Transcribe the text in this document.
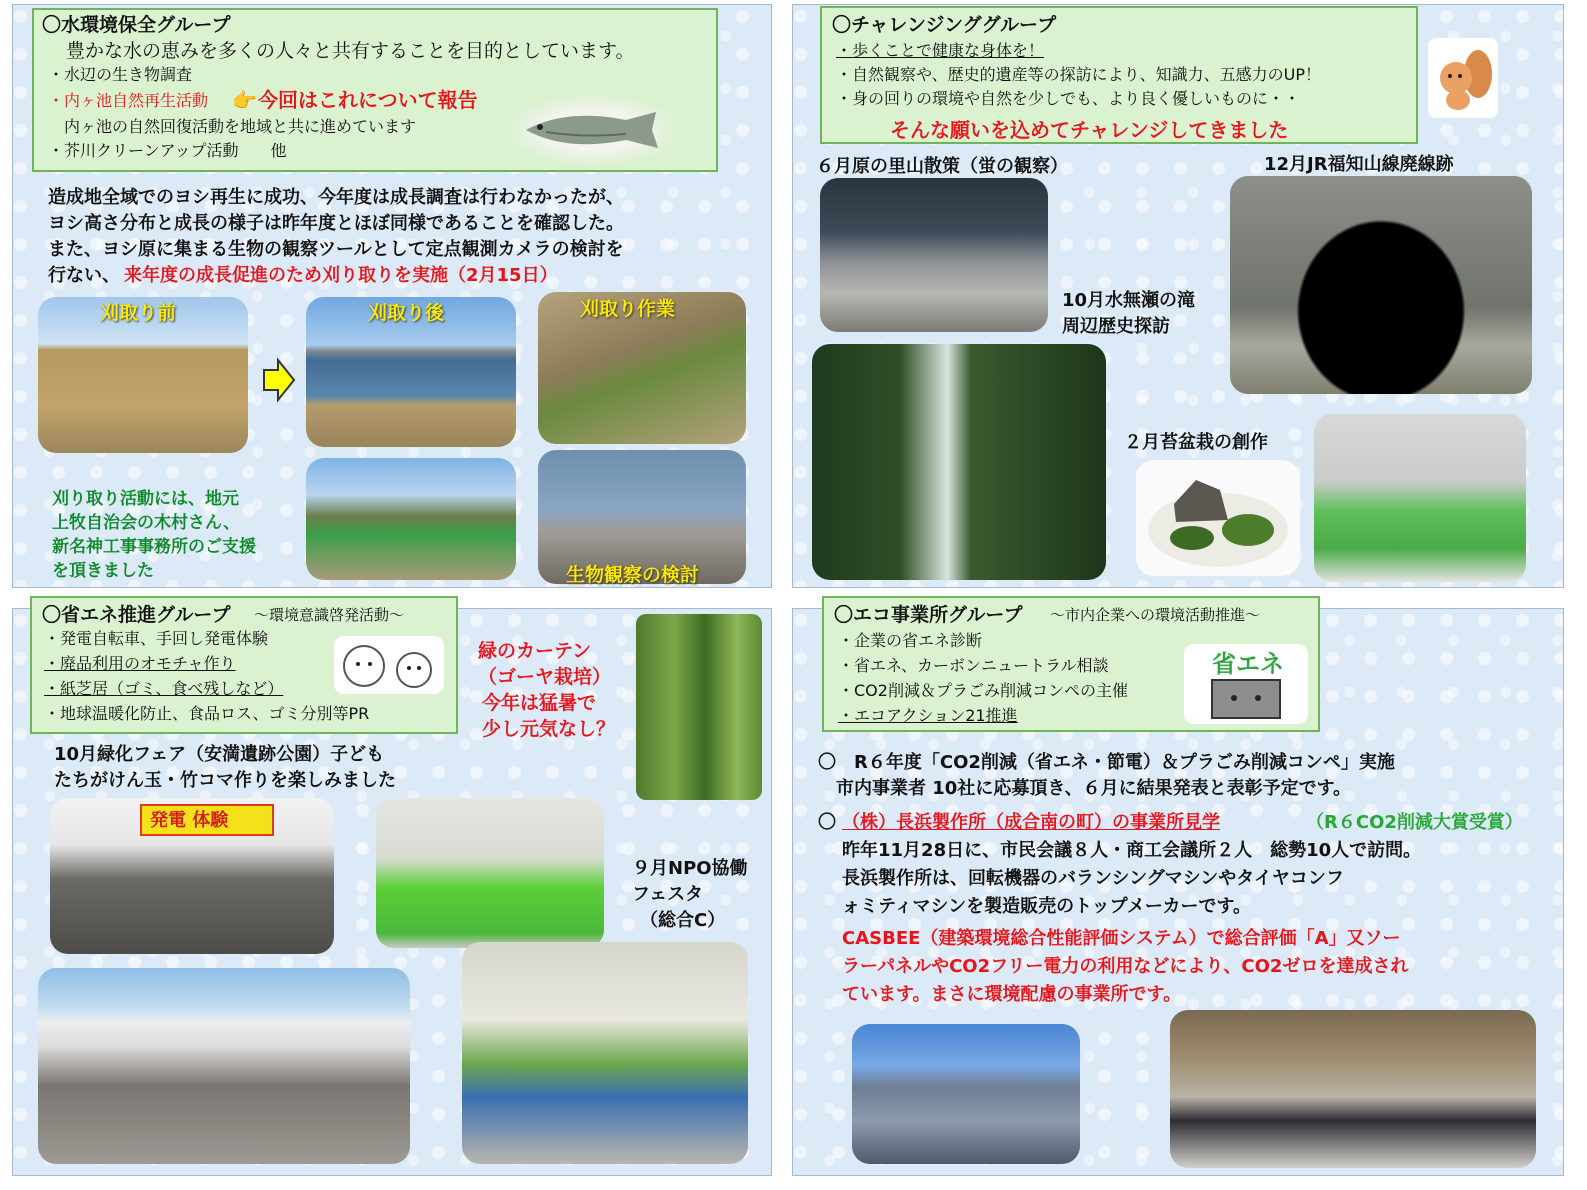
〇水環境保全グループ
豊かな水の恵みを多くの人々と共有することを目的としています。
・水辺の生き物調査
・内ヶ池自然再生活動 👉 今回はこれについて報告
　内ヶ池の自然回復活動を地域と共に進めています
・芥川クリーンアップ活動　　他
造成地全域でのヨシ再生に成功、今年度は成長調査は行わなかったが、
ヨシ高さ分布と成長の様子は昨年度とほぼ同様であることを確認した。
また、ヨシ原に集まる生物の観察ツールとして定点観測カメラの検討を
行ない、 来年度の成長促進のため刈り取りを実施（2月15日）
刈取り前	刈取り後	刈取り作業
生物観察の検討
刈り取り活動には、地元
上牧自治会の木村さん、
新名神工事事務所のご支援
を頂きました
〇チャレンジンググループ
・歩くことで健康な身体を！
・自然観察や、歴史的遺産等の探訪により、知識力、五感力のUP！
・身の回りの環境や自然を少しでも、より良く優しいものに・・
そんな願いを込めてチャレンジしてきました
６月原の里山散策（蛍の観察）	12月JR福知山線廃線跡
10月水無瀬の滝
周辺歴史探訪
２月苔盆栽の創作
〇省エネ推進グループ ～環境意識啓発活動～
・発電自転車、手回し発電体験
・廃品利用のオモチャ作り
・紙芝居（ゴミ、食べ残しなど）
・地球温暖化防止、食品ロス、ゴミ分別等PR
緑のカーテン
（ゴーヤ栽培）
今年は猛暑で
少し元気なし？
10月緑化フェア（安満遺跡公園）子ども
たちがけん玉・竹コマ作りを楽しみました
発電 体験
９月NPO協働
フェスタ
（総合C）
〇エコ事業所グループ ～市内企業への環境活動推進～
・企業の省エネ診断
・省エネ、カーボンニュートラル相談
・CO2削減＆プラごみ削減コンペの主催
・エコアクション21推進
省エネ
〇　R６年度「CO2削減（省エネ・節電）＆プラごみ削減コンペ」実施
　市内事業者 10社に応募頂き、６月に結果発表と表彰予定です。
〇 （株）長浜製作所（成合南の町）の事業所見学	（R６CO2削減大賞受賞）
昨年11月28日に、市民会議８人・商工会議所２人　総勢10人で訪問。
長浜製作所は、回転機器のバランシングマシンやタイヤコンフ
ォミティマシンを製造販売のトップメーカーです。
CASBEE（建築環境総合性能評価システム）で総合評価「A」又ソー
ラーパネルやCO2フリー電力の利用などにより、CO2ゼロを達成され
ています。まさに環境配慮の事業所です。
